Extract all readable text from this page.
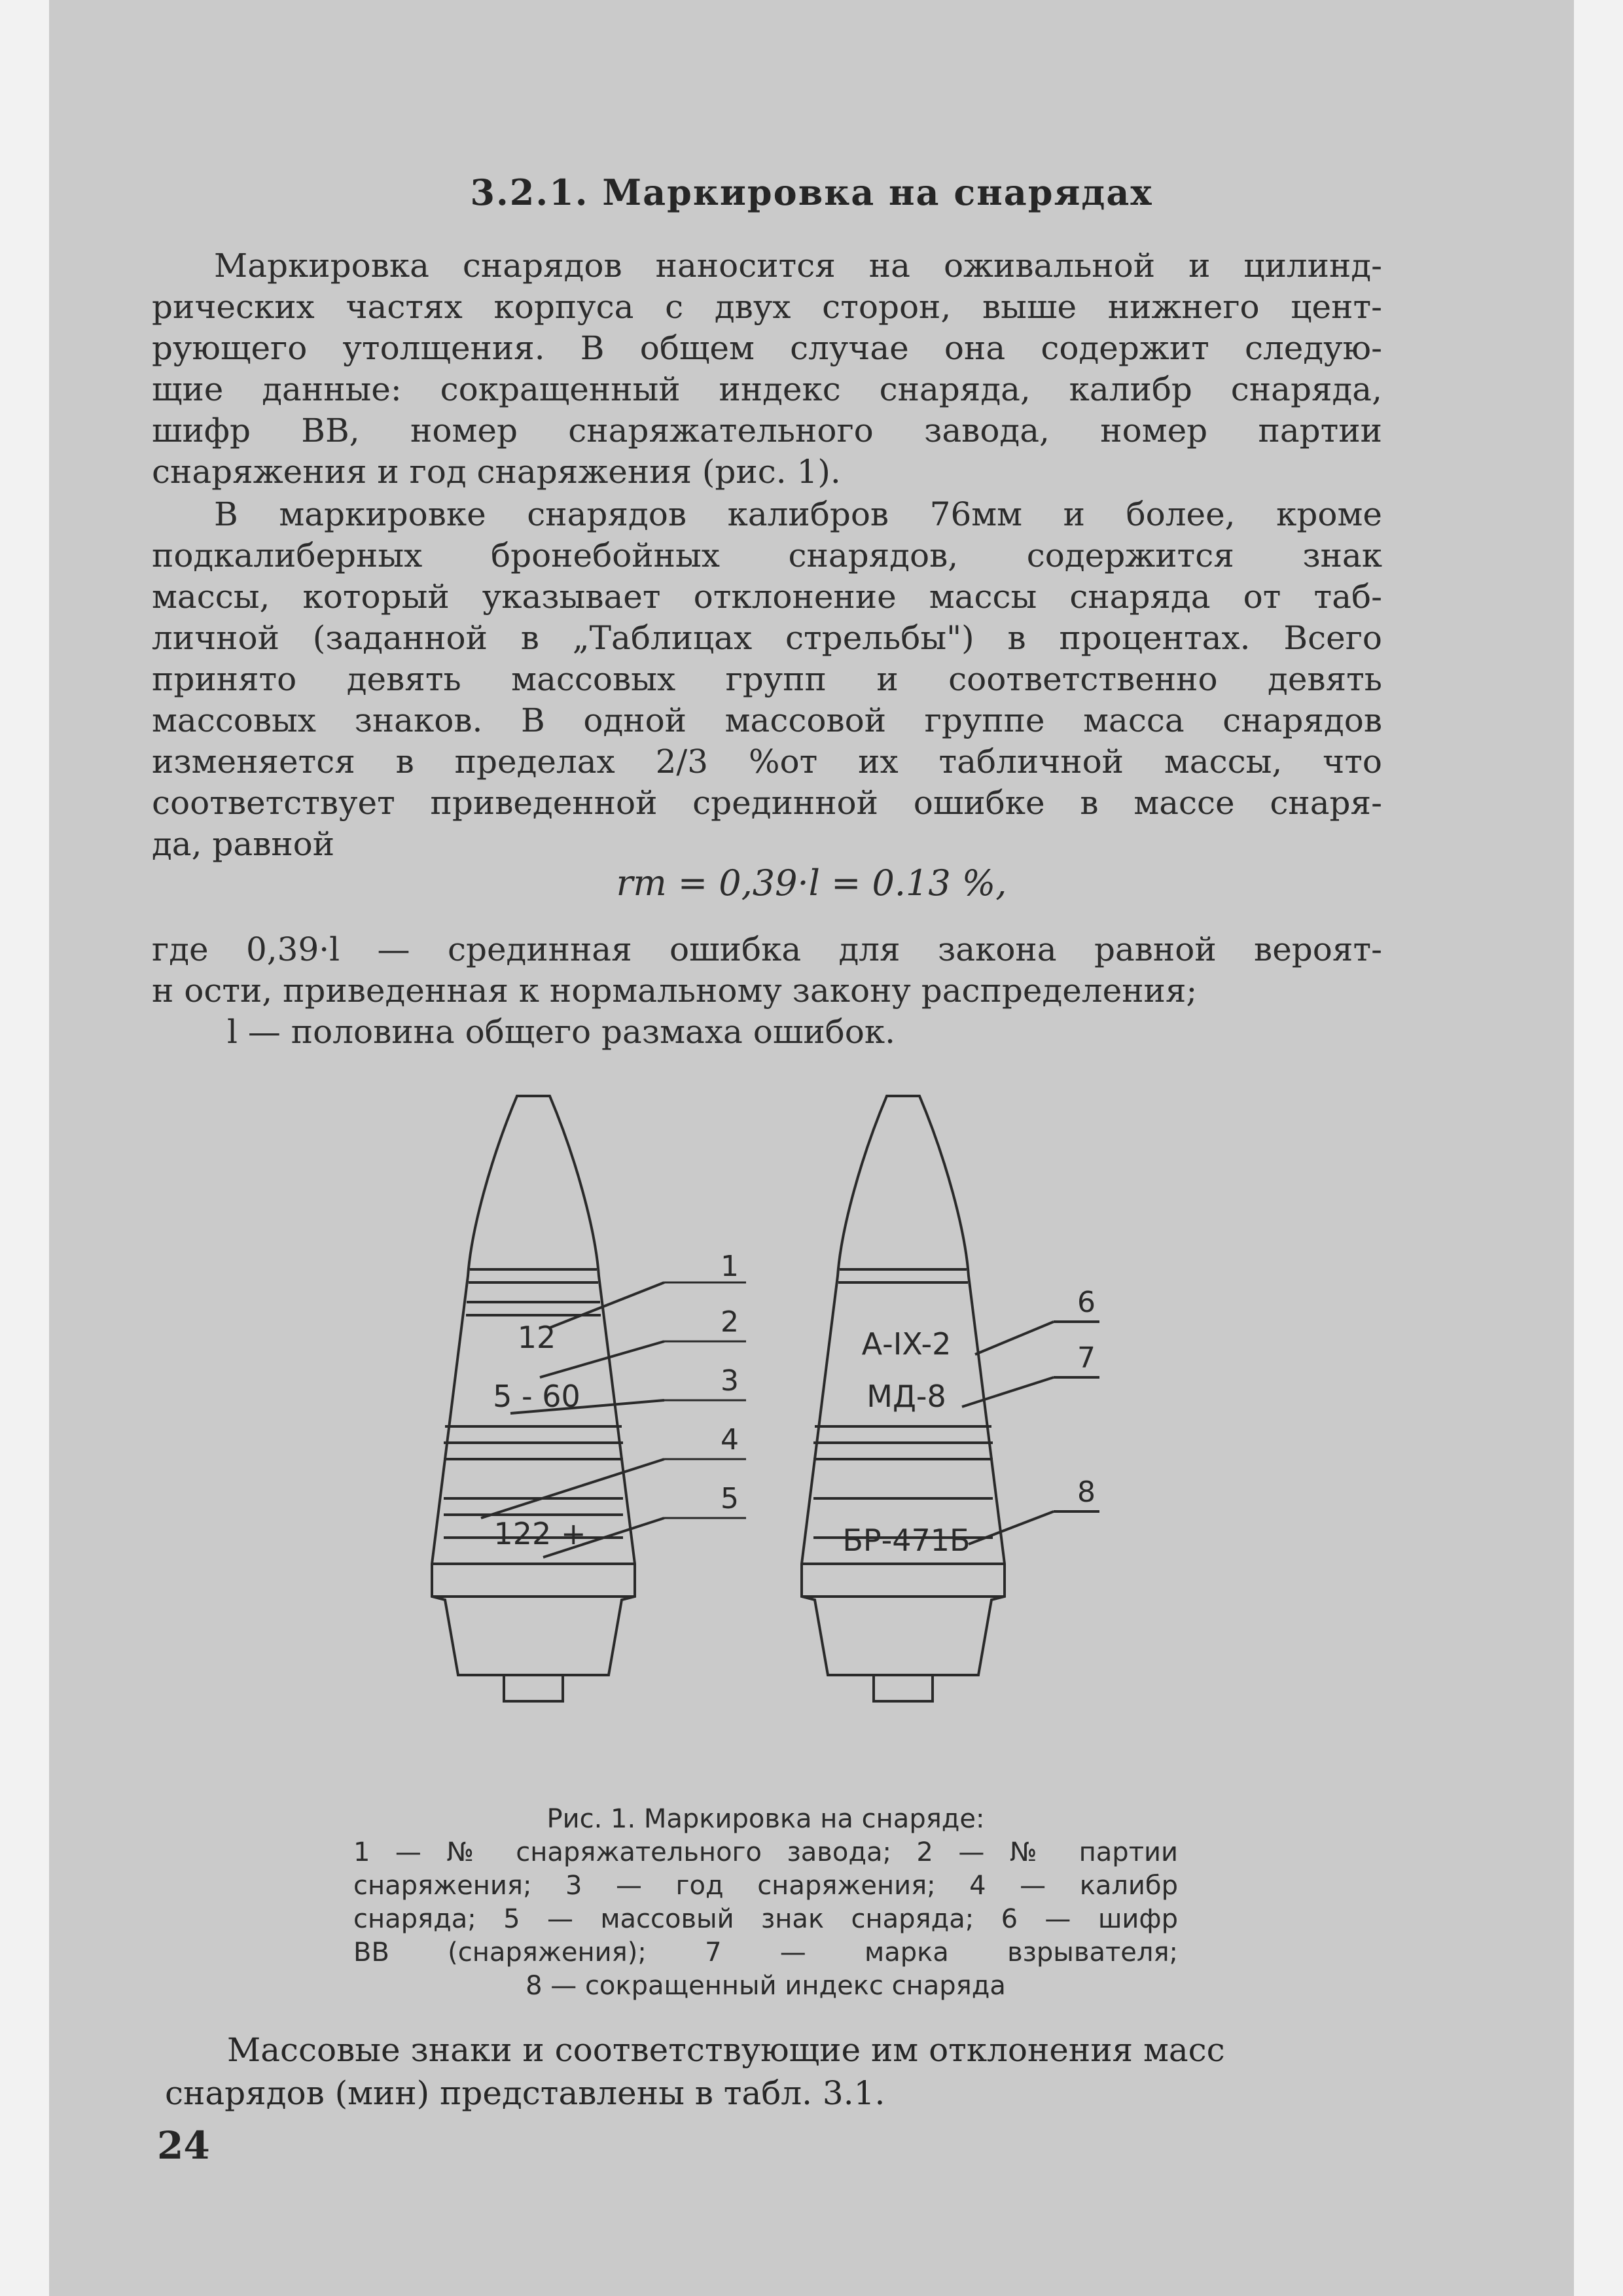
3.2.1. Маркировка на снарядах
Маркировка снарядов наносится на оживальной и цилинд-
рических частях корпуса с двух сторон, выше нижнего цент-
рующего утолщения. В общем случае она содержит следую-
щие данные: сокращенный индекс снаряда, калибр снаряда,
шифр ВВ, номер снаряжательного завода, номер партии
снаряжения и год снаряжения (рис. 1).
В маркировке снарядов калибров 76мм и более, кроме
подкалиберных бронебойных снарядов, содержится знак
массы, который указывает отклонение массы снаряда от таб-
личной (заданной в „Таблицах стрельбы") в процентах. Всего
принято девять массовых групп и соответственно девять
массовых знаков. В одной массовой группе масса снарядов
изменяется в пределах 2/3 %от их табличной массы, что
соответствует приведенной срединной ошибке в массе снаря-
да, равной
rm = 0,39·l = 0.13 %,
где 0,39·l — срединная ошибка для закона равной вероят-
н ости, приведенная к нормальному закону распределения;
l — половина общего размаха ошибок.
12
5 - 60
122 +
1
2
3
4
5
А-IX-2
МД-8
БР-471Б
6
7
8
Рис. 1. Маркировка на снаряде:
1 — № снаряжательного завода; 2 — № партии
снаряжения; 3 — год снаряжения; 4 — калибр
снаряда; 5 — массовый знак снаряда; 6 — шифр
ВВ (снаряжения); 7 — марка взрывателя;
8 — сокращенный индекс снаряда
Массовые знаки и соответствующие им отклонения масс
снарядов (мин) представлены в табл. 3.1.
24
